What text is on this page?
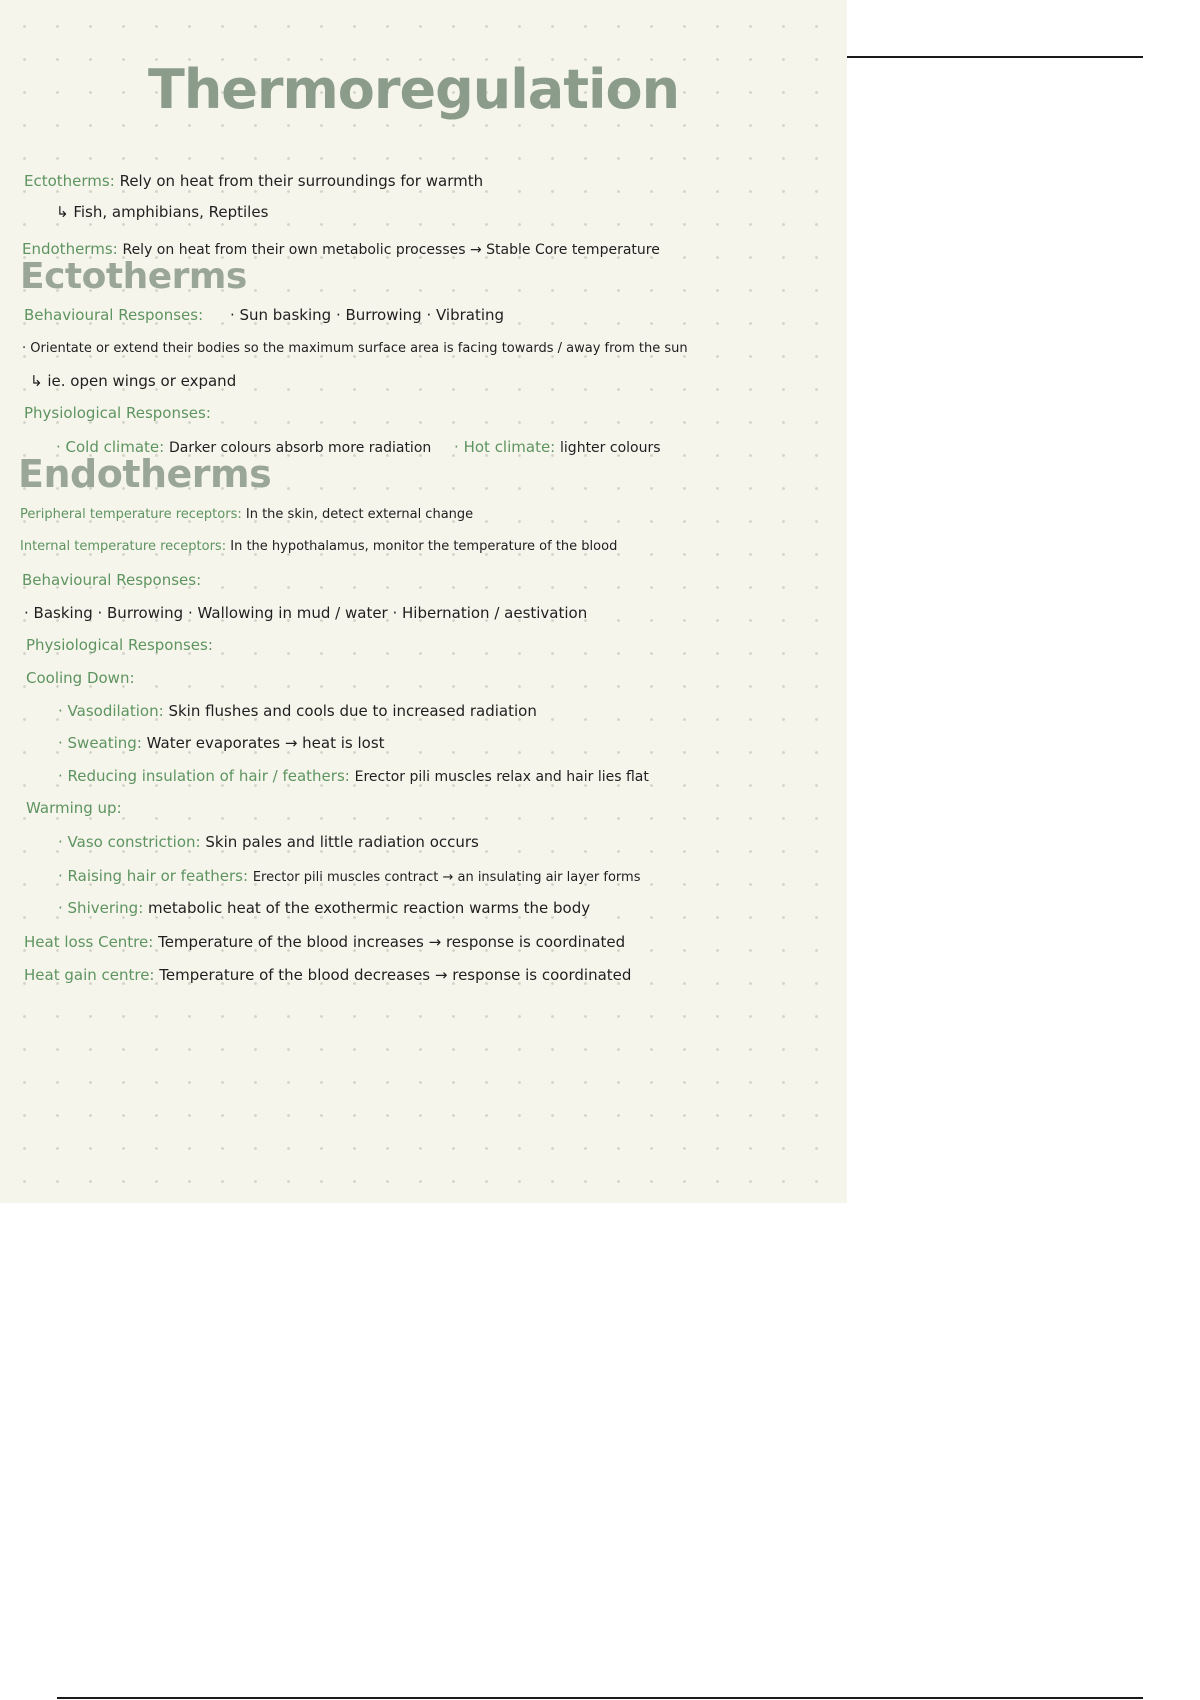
Thermoregulation
Ectotherms: Rely on heat from their surroundings for warmth
↳ Fish, amphibians, Reptiles
Endotherms: Rely on heat from their own metabolic processes → Stable Core temperature
Ectotherms
Behavioural Responses: · Sun basking · Burrowing · Vibrating
· Orientate or extend their bodies so the maximum surface area is facing towards / away from the sun
↳ ie. open wings or expand
Physiological Responses:
· Cold climate: Darker colours absorb more radiation · Hot climate: lighter colours
Endotherms
Peripheral temperature receptors: In the skin, detect external change
Internal temperature receptors: In the hypothalamus, monitor the temperature of the blood
Behavioural Responses:
· Basking · Burrowing · Wallowing in mud / water · Hibernation / aestivation
Physiological Responses:
Cooling Down:
· Vasodilation: Skin flushes and cools due to increased radiation
· Sweating: Water evaporates → heat is lost
· Reducing insulation of hair / feathers: Erector pili muscles relax and hair lies flat
Warming up:
· Vaso constriction: Skin pales and little radiation occurs
· Raising hair or feathers: Erector pili muscles contract → an insulating air layer forms
· Shivering: metabolic heat of the exothermic reaction warms the body
Heat loss Centre: Temperature of the blood increases → response is coordinated
Heat gain centre: Temperature of the blood decreases → response is coordinated
